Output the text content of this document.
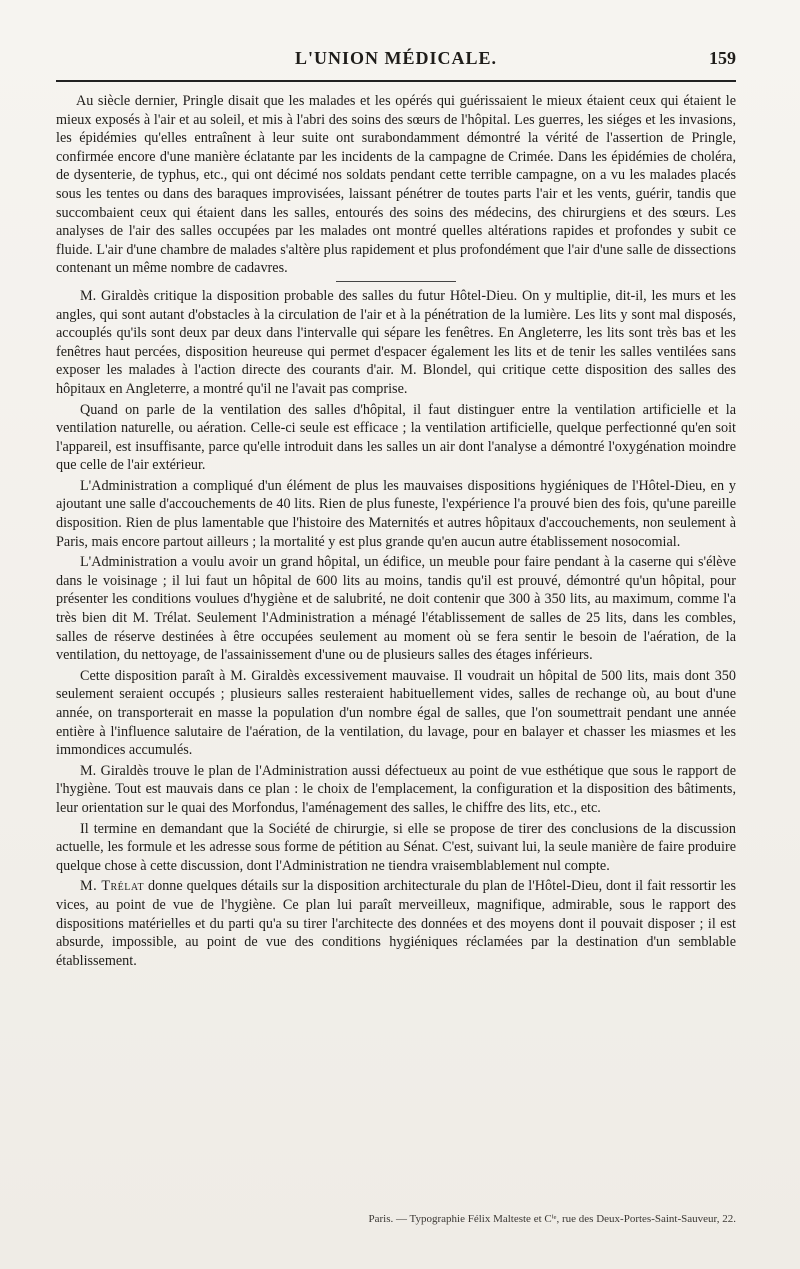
L'UNION MÉDICALE.	159

Au siècle dernier, Pringle disait que les malades et les opérés qui guérissaient le mieux étaient ceux qui étaient le mieux exposés à l'air et au soleil, et mis à l'abri des soins des sœurs de l'hôpital. Les guerres, les siéges et les invasions, les épidémies qu'elles entraînent à leur suite ont surabondamment démontré la vérité de l'assertion de Pringle, confirmée encore d'une manière éclatante par les incidents de la campagne de Crimée. Dans les épidémies de choléra, de dysenterie, de typhus, etc., qui ont décimé nos soldats pendant cette terrible campagne, on a vu les malades placés sous les tentes ou dans des baraques improvisées, laissant pénétrer de toutes parts l'air et les vents, guérir, tandis que succombaient ceux qui étaient dans les salles, entourés des soins des médecins, des chirurgiens et des sœurs. Les analyses de l'air des salles occupées par les malades ont montré quelles altérations rapides et profondes y subit ce fluide. L'air d'une chambre de malades s'altère plus rapidement et plus profondément que l'air d'une salle de dissections contenant un même nombre de cadavres.

M. Giraldès critique la disposition probable des salles du futur Hôtel-Dieu. On y multiplie, dit-il, les murs et les angles, qui sont autant d'obstacles à la circulation de l'air et à la pénétration de la lumière. Les lits y sont mal disposés, accouplés qu'ils sont deux par deux dans l'intervalle qui sépare les fenêtres. En Angleterre, les lits sont très bas et les fenêtres haut percées, disposition heureuse qui permet d'espacer également les lits et de tenir les salles ventilées sans exposer les malades à l'action directe des courants d'air. M. Blondel, qui critique cette disposition des salles des hôpitaux en Angleterre, a montré qu'il ne l'avait pas comprise.

Quand on parle de la ventilation des salles d'hôpital, il faut distinguer entre la ventilation artificielle et la ventilation naturelle, ou aération. Celle-ci seule est efficace ; la ventilation artificielle, quelque perfectionné qu'en soit l'appareil, est insuffisante, parce qu'elle introduit dans les salles un air dont l'analyse a démontré l'oxygénation moindre que celle de l'air extérieur.

L'Administration a compliqué d'un élément de plus les mauvaises dispositions hygiéniques de l'Hôtel-Dieu, en y ajoutant une salle d'accouchements de 40 lits. Rien de plus funeste, l'expérience l'a prouvé bien des fois, qu'une pareille disposition. Rien de plus lamentable que l'histoire des Maternités et autres hôpitaux d'accouchements, non seulement à Paris, mais encore partout ailleurs ; la mortalité y est plus grande qu'en aucun autre établissement nosocomial.

L'Administration a voulu avoir un grand hôpital, un édifice, un meuble pour faire pendant à la caserne qui s'élève dans le voisinage ; il lui faut un hôpital de 600 lits au moins, tandis qu'il est prouvé, démontré qu'un hôpital, pour présenter les conditions voulues d'hygiène et de salubrité, ne doit contenir que 300 à 350 lits, au maximum, comme l'a très bien dit M. Trélat. Seulement l'Administration a ménagé l'établissement de salles de 25 lits, dans les combles, salles de réserve destinées à être occupées seulement au moment où se fera sentir le besoin de l'aération, de la ventilation, du nettoyage, de l'assainissement d'une ou de plusieurs salles des étages inférieurs.

Cette disposition paraît à M. Giraldès excessivement mauvaise. Il voudrait un hôpital de 500 lits, mais dont 350 seulement seraient occupés ; plusieurs salles resteraient habituellement vides, salles de rechange où, au bout d'une année, on transporterait en masse la population d'un nombre égal de salles, que l'on soumettrait pendant une année entière à l'influence salutaire de l'aération, de la ventilation, du lavage, pour en balayer et chasser les miasmes et les immondices accumulés.

M. Giraldès trouve le plan de l'Administration aussi défectueux au point de vue esthétique que sous le rapport de l'hygiène. Tout est mauvais dans ce plan : le choix de l'emplacement, la configuration et la disposition des bâtiments, leur orientation sur le quai des Morfondus, l'aménagement des salles, le chiffre des lits, etc., etc.

Il termine en demandant que la Société de chirurgie, si elle se propose de tirer des conclusions de la discussion actuelle, les formule et les adresse sous forme de pétition au Sénat. C'est, suivant lui, la seule manière de faire produire quelque chose à cette discussion, dont l'Administration ne tiendra vraisemblablement nul compte.

M. Trélat donne quelques détails sur la disposition architecturale du plan de l'Hôtel-Dieu, dont il fait ressortir les vices, au point de vue de l'hygiène. Ce plan lui paraît merveilleux, magnifique, admirable, sous le rapport des dispositions matérielles et du parti qu'a su tirer l'architecte des données et des moyens dont il pouvait disposer ; il est absurde, impossible, au point de vue des conditions hygiéniques réclamées par la destination d'un semblable établissement.

Paris. — Typographie Félix Malteste et Cⁱᵉ, rue des Deux-Portes-Saint-Sauveur, 22.
